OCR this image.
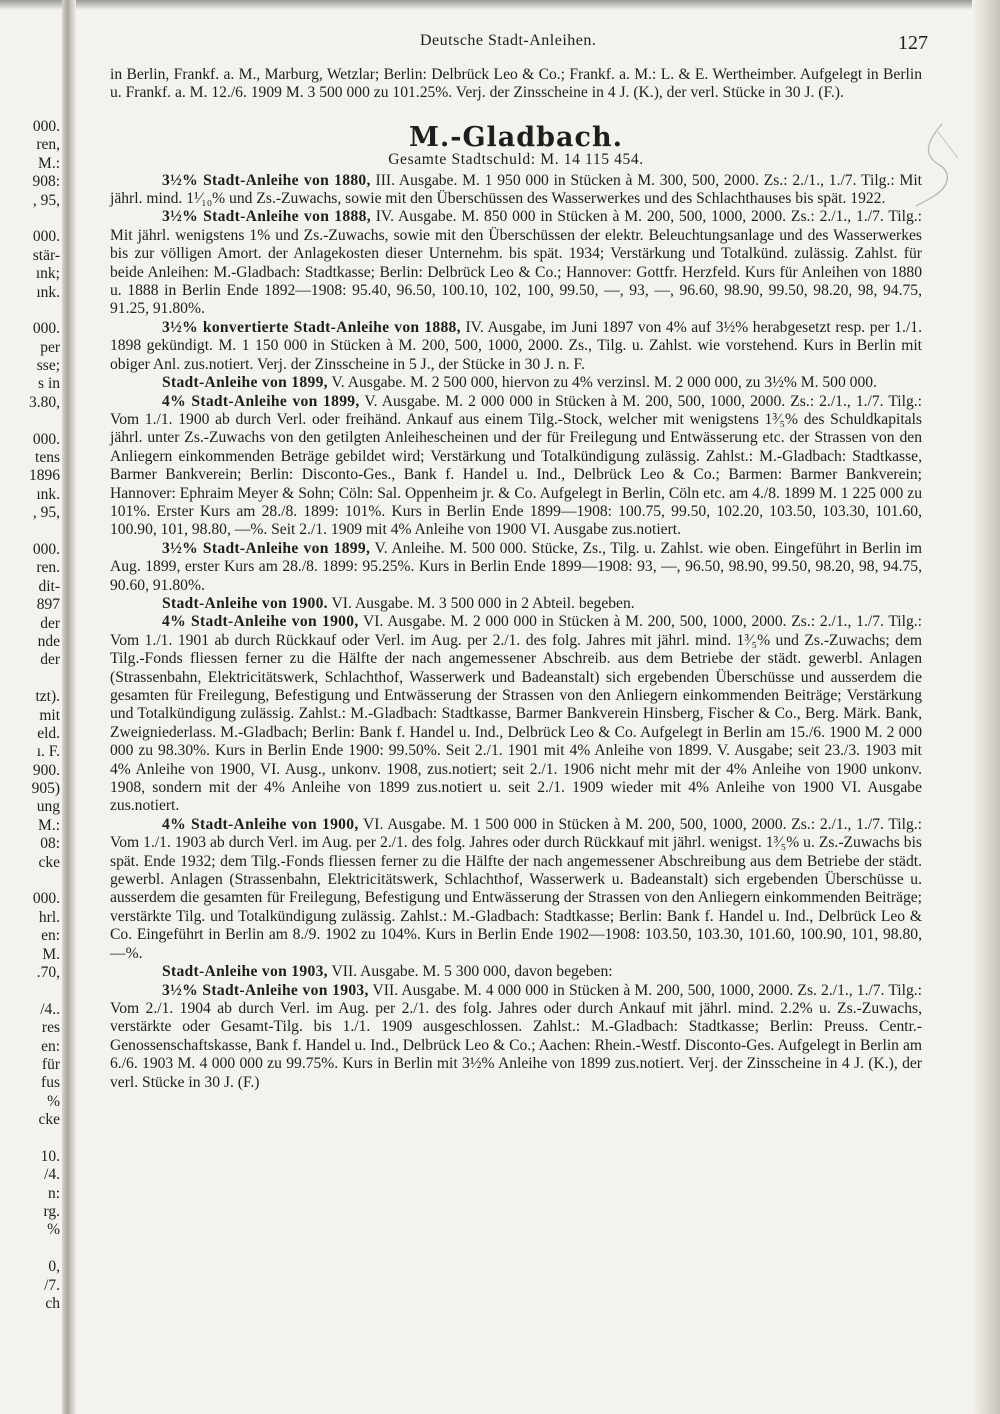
000.
ren,
M.:
908:
, 95,
000.
stär-
ınk;
ınk.
000.
per
sse;
s in
3.80,
000.
tens
1896
ınk.
, 95,
000.
ren.
dit-
897
der
nde
der
tzt).
mit
eld.
ı. F.
900.
905)
ung
M.:
08:
cke
000.
hrl.
en:
M.
.70,
/4..
res
en:
für
fus
%
cke
10.
/4.
n:
rg.
%
0,
/7.
ch
Deutsche Stadt-Anleihen.	127

in Berlin, Frankf. a. M., Marburg, Wetzlar; Berlin: Delbrück Leo & Co.; Frankf. a. M.: L. & E. Wertheimber. Aufgelegt in Berlin u. Frankf. a. M. 12./6. 1909 M. 3 500 000 zu 101.25%. Verj. der Zinsscheine in 4 J. (K.), der verl. Stücke in 30 J. (F.).

M.-Gladbach.
Gesamte Stadtschuld: M. 14 115 454.

3½% Stadt-Anleihe von 1880, III. Ausgabe. M. 1 950 000 in Stücken à M. 300, 500, 2000. Zs.: 2./1., 1./7. Tilg.: Mit jährl. mind. 1¹⁄₁₀% und Zs.-Zuwachs, sowie mit den Überschüssen des Wasserwerkes und des Schlachthauses bis spät. 1922.

3½% Stadt-Anleihe von 1888, IV. Ausgabe. M. 850 000 in Stücken à M. 200, 500, 1000, 2000. Zs.: 2./1., 1./7. Tilg.: Mit jährl. wenigstens 1% und Zs.-Zuwachs, sowie mit den Überschüssen der elektr. Beleuchtungsanlage und des Wasserwerkes bis zur völligen Amort. der Anlagekosten dieser Unternehm. bis spät. 1934; Verstärkung und Totalkünd. zulässig. Zahlst. für beide Anleihen: M.-Gladbach: Stadtkasse; Berlin: Delbrück Leo & Co.; Hannover: Gottfr. Herzfeld. Kurs für Anleihen von 1880 u. 1888 in Berlin Ende 1892—1908: 95.40, 96.50, 100.10, 102, 100, 99.50, —, 93, —, 96.60, 98.90, 99.50, 98.20, 98, 94.75, 91.25, 91.80%.

3½% konvertierte Stadt-Anleihe von 1888, IV. Ausgabe, im Juni 1897 von 4% auf 3½% herabgesetzt resp. per 1./1. 1898 gekündigt. M. 1 150 000 in Stücken à M. 200, 500, 1000, 2000. Zs., Tilg. u. Zahlst. wie vorstehend. Kurs in Berlin mit obiger Anl. zus.notiert. Verj. der Zinsscheine in 5 J., der Stücke in 30 J. n. F.

Stadt-Anleihe von 1899, V. Ausgabe. M. 2 500 000, hiervon zu 4% verzinsl. M. 2 000 000, zu 3½% M. 500 000.

4% Stadt-Anleihe von 1899, V. Ausgabe. M. 2 000 000 in Stücken à M. 200, 500, 1000, 2000. Zs.: 2./1., 1./7. Tilg.: Vom 1./1. 1900 ab durch Verl. oder freihänd. Ankauf aus einem Tilg.-Stock, welcher mit wenigstens 1³⁄₅% des Schuldkapitals jährl. unter Zs.-Zuwachs von den getilgten Anleihescheinen und der für Freilegung und Entwässerung etc. der Strassen von den Anliegern einkommenden Beträge gebildet wird; Verstärkung und Totalkündigung zulässig. Zahlst.: M.-Gladbach: Stadtkasse, Barmer Bankverein; Berlin: Disconto-Ges., Bank f. Handel u. Ind., Delbrück Leo & Co.; Barmen: Barmer Bankverein; Hannover: Ephraim Meyer & Sohn; Cöln: Sal. Oppenheim jr. & Co. Aufgelegt in Berlin, Cöln etc. am 4./8. 1899 M. 1 225 000 zu 101%. Erster Kurs am 28./8. 1899: 101%. Kurs in Berlin Ende 1899—1908: 100.75, 99.50, 102.20, 103.50, 103.30, 101.60, 100.90, 101, 98.80, —%. Seit 2./1. 1909 mit 4% Anleihe von 1900 VI. Ausgabe zus.notiert.

3½% Stadt-Anleihe von 1899, V. Anleihe. M. 500 000. Stücke, Zs., Tilg. u. Zahlst. wie oben. Eingeführt in Berlin im Aug. 1899, erster Kurs am 28./8. 1899: 95.25%. Kurs in Berlin Ende 1899—1908: 93, —, 96.50, 98.90, 99.50, 98.20, 98, 94.75, 90.60, 91.80%.

Stadt-Anleihe von 1900. VI. Ausgabe. M. 3 500 000 in 2 Abteil. begeben.

4% Stadt-Anleihe von 1900, VI. Ausgabe. M. 2 000 000 in Stücken à M. 200, 500, 1000, 2000. Zs.: 2./1., 1./7. Tilg.: Vom 1./1. 1901 ab durch Rückkauf oder Verl. im Aug. per 2./1. des folg. Jahres mit jährl. mind. 1³⁄₅% und Zs.-Zuwachs; dem Tilg.-Fonds fliessen ferner zu die Hälfte der nach angemessener Abschreib. aus dem Betriebe der städt. gewerbl. Anlagen (Strassenbahn, Elektricitätswerk, Schlachthof, Wasserwerk und Badeanstalt) sich ergebenden Überschüsse und ausserdem die gesamten für Freilegung, Befestigung und Entwässerung der Strassen von den Anliegern einkommenden Beiträge; Verstärkung und Totalkündigung zulässig. Zahlst.: M.-Gladbach: Stadtkasse, Barmer Bankverein Hinsberg, Fischer & Co., Berg. Märk. Bank, Zweigniederlass. M.-Gladbach; Berlin: Bank f. Handel u. Ind., Delbrück Leo & Co. Aufgelegt in Berlin am 15./6. 1900 M. 2 000 000 zu 98.30%. Kurs in Berlin Ende 1900: 99.50%. Seit 2./1. 1901 mit 4% Anleihe von 1899. V. Ausgabe; seit 23./3. 1903 mit 4% Anleihe von 1900, VI. Ausg., unkonv. 1908, zus.notiert; seit 2./1. 1906 nicht mehr mit der 4% Anleihe von 1900 unkonv. 1908, sondern mit der 4% Anleihe von 1899 zus.notiert u. seit 2./1. 1909 wieder mit 4% Anleihe von 1900 VI. Ausgabe zus.notiert.

4% Stadt-Anleihe von 1900, VI. Ausgabe. M. 1 500 000 in Stücken à M. 200, 500, 1000, 2000. Zs.: 2./1., 1./7. Tilg.: Vom 1./1. 1903 ab durch Verl. im Aug. per 2./1. des folg. Jahres oder durch Rückkauf mit jährl. wenigst. 1³⁄₅% u. Zs.-Zuwachs bis spät. Ende 1932; dem Tilg.-Fonds fliessen ferner zu die Hälfte der nach angemessener Abschreibung aus dem Betriebe der städt. gewerbl. Anlagen (Strassenbahn, Elektricitätswerk, Schlachthof, Wasserwerk u. Badeanstalt) sich ergebenden Überschüsse u. ausserdem die gesamten für Freilegung, Befestigung und Entwässerung der Strassen von den Anliegern einkommenden Beiträge; verstärkte Tilg. und Totalkündigung zulässig. Zahlst.: M.-Gladbach: Stadtkasse; Berlin: Bank f. Handel u. Ind., Delbrück Leo & Co. Eingeführt in Berlin am 8./9. 1902 zu 104%. Kurs in Berlin Ende 1902—1908: 103.50, 103.30, 101.60, 100.90, 101, 98.80, —%.

Stadt-Anleihe von 1903, VII. Ausgabe. M. 5 300 000, davon begeben:

3½% Stadt-Anleihe von 1903, VII. Ausgabe. M. 4 000 000 in Stücken à M. 200, 500, 1000, 2000. Zs. 2./1., 1./7. Tilg.: Vom 2./1. 1904 ab durch Verl. im Aug. per 2./1. des folg. Jahres oder durch Ankauf mit jährl. mind. 2.2% u. Zs.-Zuwachs, verstärkte oder Gesamt-Tilg. bis 1./1. 1909 ausgeschlossen. Zahlst.: M.-Gladbach: Stadtkasse; Berlin: Preuss. Centr.-Genossenschaftskasse, Bank f. Handel u. Ind., Delbrück Leo & Co.; Aachen: Rhein.-Westf. Disconto-Ges. Aufgelegt in Berlin am 6./6. 1903 M. 4 000 000 zu 99.75%. Kurs in Berlin mit 3½% Anleihe von 1899 zus.notiert. Verj. der Zinsscheine in 4 J. (K.), der verl. Stücke in 30 J. (F.)
